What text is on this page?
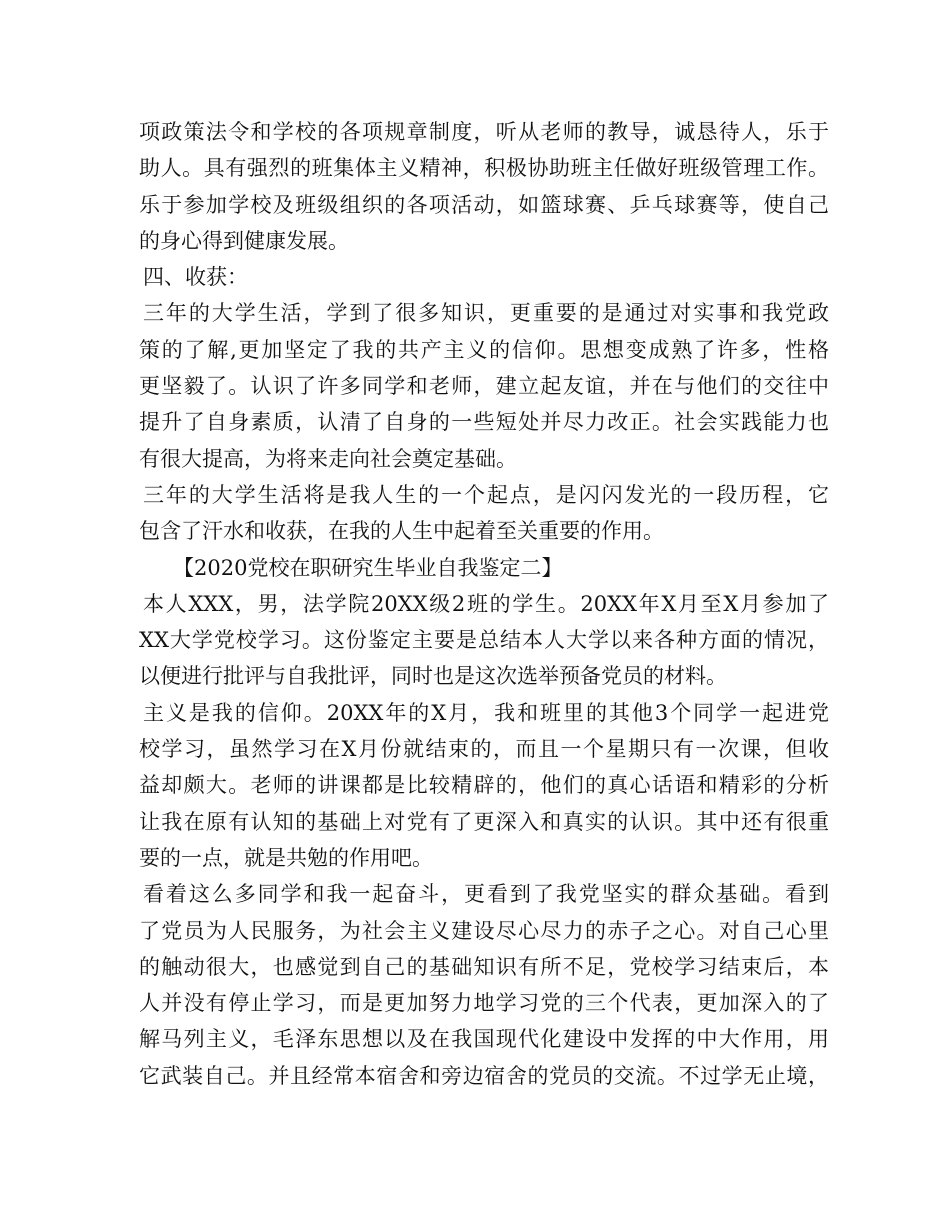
项政策法令和学校的各项规章制度，听从老师的教导，诚恳待人，乐于
助人。具有强烈的班集体主义精神，积极协助班主任做好班级管理工作。
乐于参加学校及班级组织的各项活动，如篮球赛、乒乓球赛等，使自己
的身心得到健康发展。
四、收获：
三年的大学生活，学到了很多知识，更重要的是通过对实事和我党政
策的了解,更加坚定了我的共产主义的信仰。思想变成熟了许多，性格
更坚毅了。认识了许多同学和老师，建立起友谊，并在与他们的交往中
提升了自身素质，认清了自身的一些短处并尽力改正。社会实践能力也
有很大提高，为将来走向社会奠定基础。
三年的大学生活将是我人生的一个起点，是闪闪发光的一段历程，它
包含了汗水和收获，在我的人生中起着至关重要的作用。
【2020党校在职研究生毕业自我鉴定二】
本人XXX，男，法学院20XX级2班的学生。20XX年X月至X月参加了
XX大学党校学习。这份鉴定主要是总结本人大学以来各种方面的情况，
以便进行批评与自我批评，同时也是这次选举预备党员的材料。
主义是我的信仰。20XX年的X月，我和班里的其他3个同学一起进党
校学习，虽然学习在X月份就结束的，而且一个星期只有一次课，但收
益却颇大。老师的讲课都是比较精辟的，他们的真心话语和精彩的分析
让我在原有认知的基础上对党有了更深入和真实的认识。其中还有很重
要的一点，就是共勉的作用吧。
看着这么多同学和我一起奋斗，更看到了我党坚实的群众基础。看到
了党员为人民服务，为社会主义建设尽心尽力的赤子之心。对自己心里
的触动很大，也感觉到自己的基础知识有所不足，党校学习结束后，本
人并没有停止学习，而是更加努力地学习党的三个代表，更加深入的了
解马列主义，毛泽东思想以及在我国现代化建设中发挥的中大作用，用
它武装自己。并且经常本宿舍和旁边宿舍的党员的交流。不过学无止境，
